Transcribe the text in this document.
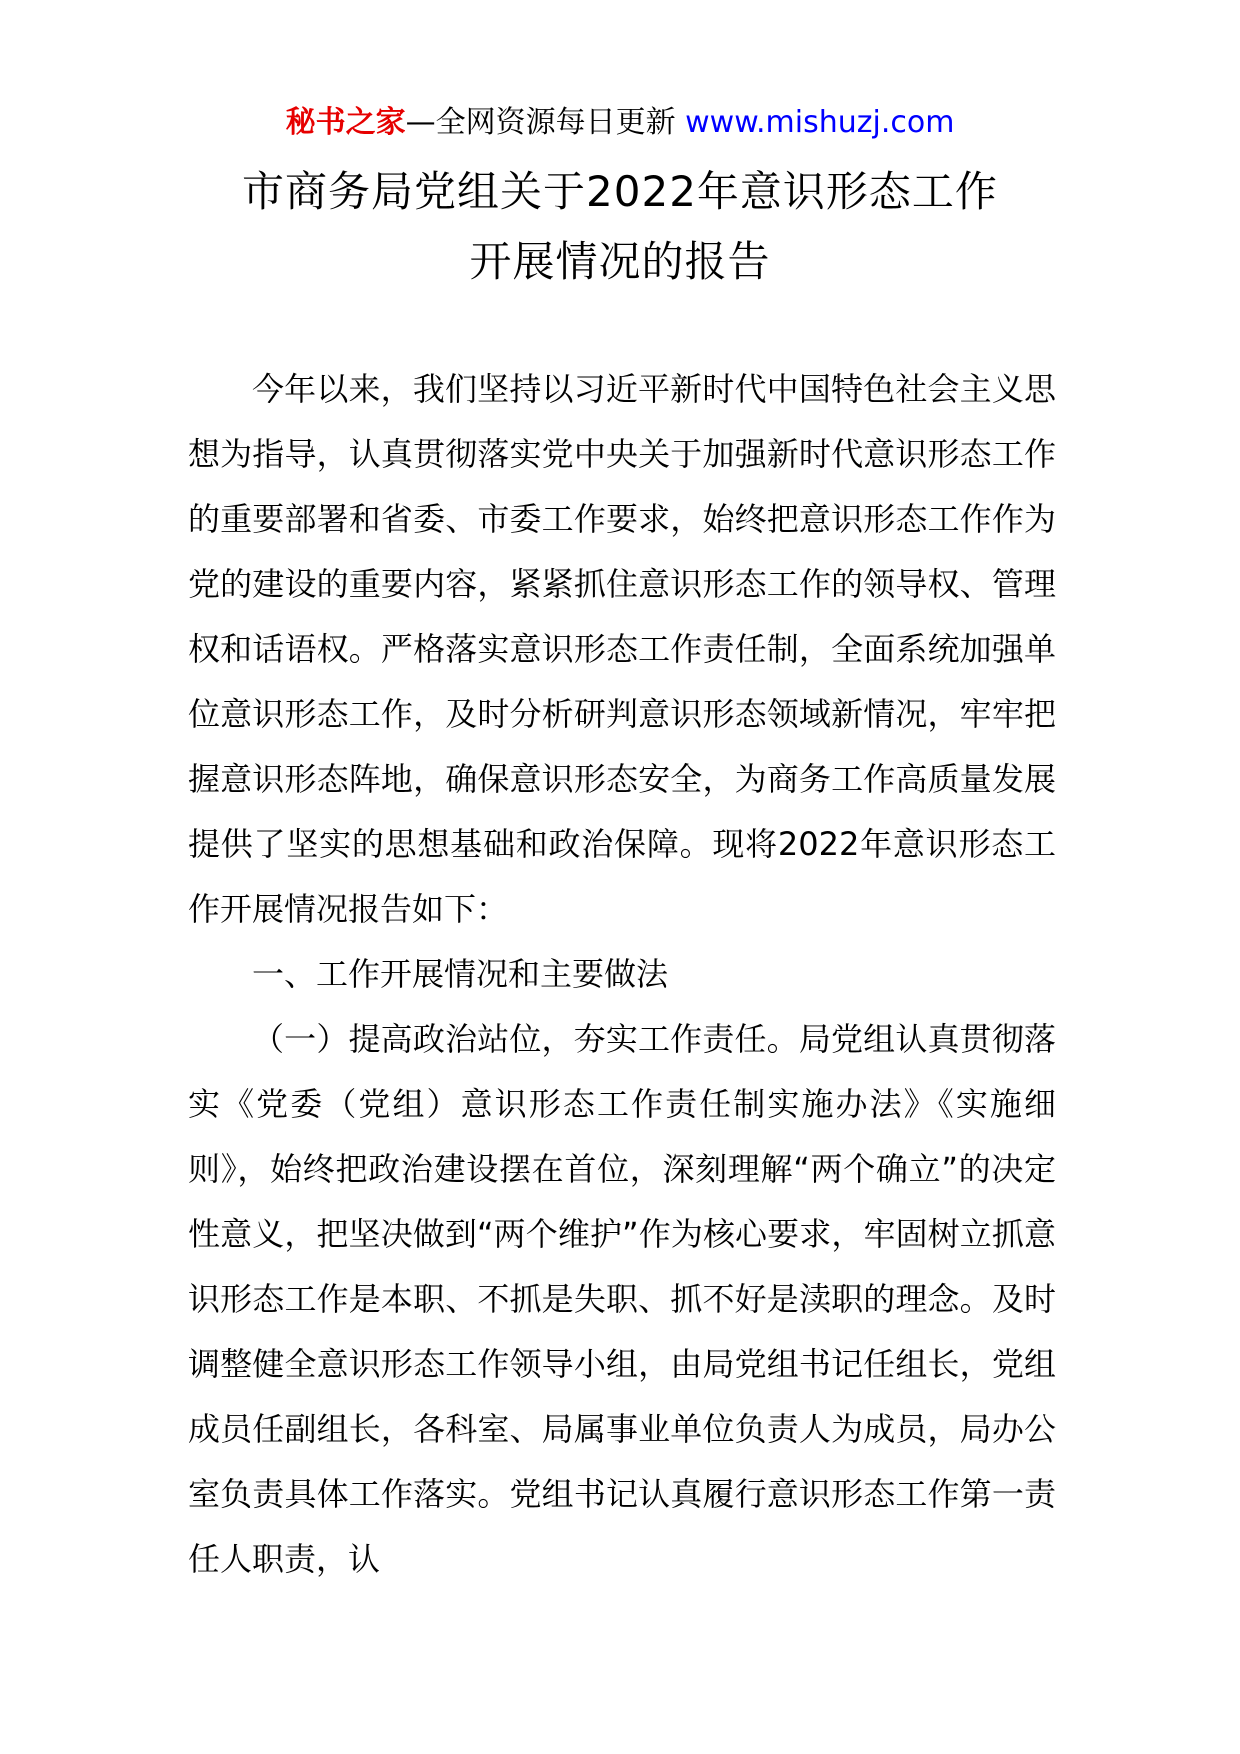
秘书之家—全网资源每日更新 www.mishuzj.com
市商务局党组关于2022年意识形态工作
开展情况的报告

今年以来，我们坚持以习近平新时代中国特色社会主义思想为指导，认真贯彻落实党中央关于加强新时代意识形态工作的重要部署和省委、市委工作要求，始终把意识形态工作作为党的建设的重要内容，紧紧抓住意识形态工作的领导权、管理权和话语权。严格落实意识形态工作责任制，全面系统加强单位意识形态工作，及时分析研判意识形态领域新情况，牢牢把握意识形态阵地，确保意识形态安全，为商务工作高质量发展提供了坚实的思想基础和政治保障。现将2022年意识形态工作开展情况报告如下：

一、工作开展情况和主要做法

（一）提高政治站位，夯实工作责任。局党组认真贯彻落实《党委（党组）意识形态工作责任制实施办法》《实施细则》，始终把政治建设摆在首位，深刻理解“两个确立”的决定性意义，把坚决做到“两个维护”作为核心要求，牢固树立抓意识形态工作是本职、不抓是失职、抓不好是渎职的理念。及时调整健全意识形态工作领导小组，由局党组书记任组长，党组成员任副组长，各科室、局属事业单位负责人为成员，局办公室负责具体工作落实。党组书记认真履行意识形态工作第一责任人职责，认
